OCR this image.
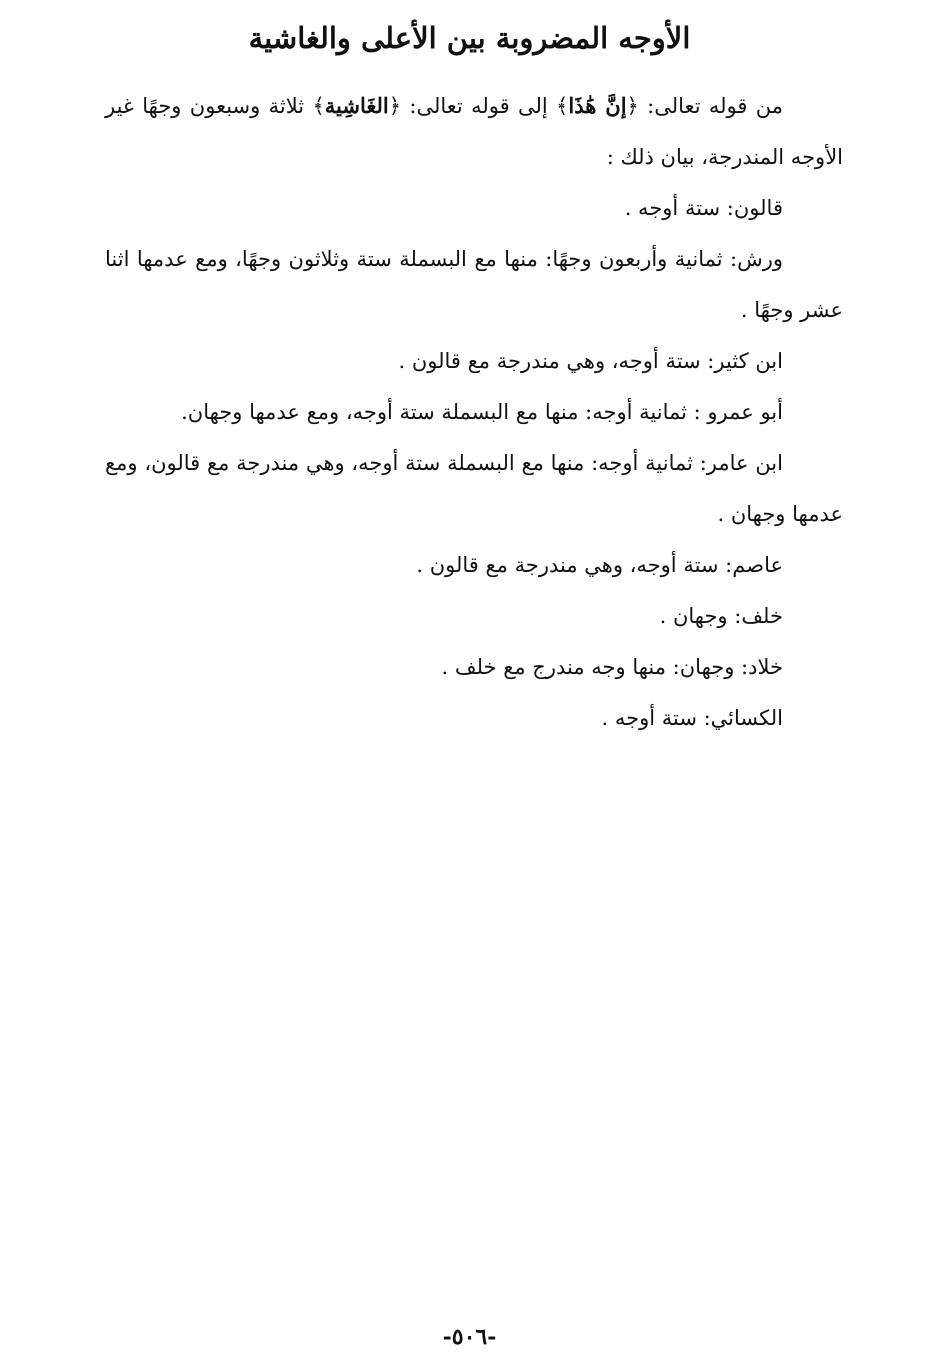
الأوجه المضروبة بين الأعلى والغاشية

من قوله تعالى: ﴿إنَّ هَٰذَا﴾ إلى قوله تعالى: ﴿الغَاشِية﴾ ثلاثة وسبعون وجهًا غير الأوجه المندرجة، بيان ذلك :

قالون: ستة أوجه .

ورش: ثمانية وأربعون وجهًا: منها مع البسملة ستة وثلاثون وجهًا، ومع عدمها اثنا عشر وجهًا .

ابن كثير: ستة أوجه، وهي مندرجة مع قالون .

أبو عمرو : ثمانية أوجه: منها مع البسملة ستة أوجه، ومع عدمها وجهان.

ابن عامر: ثمانية أوجه: منها مع البسملة ستة أوجه، وهي مندرجة مع قالون، ومع عدمها وجهان .

عاصم: ستة أوجه، وهي مندرجة مع قالون .

خلف: وجهان .

خلاد: وجهان: منها وجه مندرج مع خلف .

الكسائي: ستة أوجه .

-٥٠٦-
